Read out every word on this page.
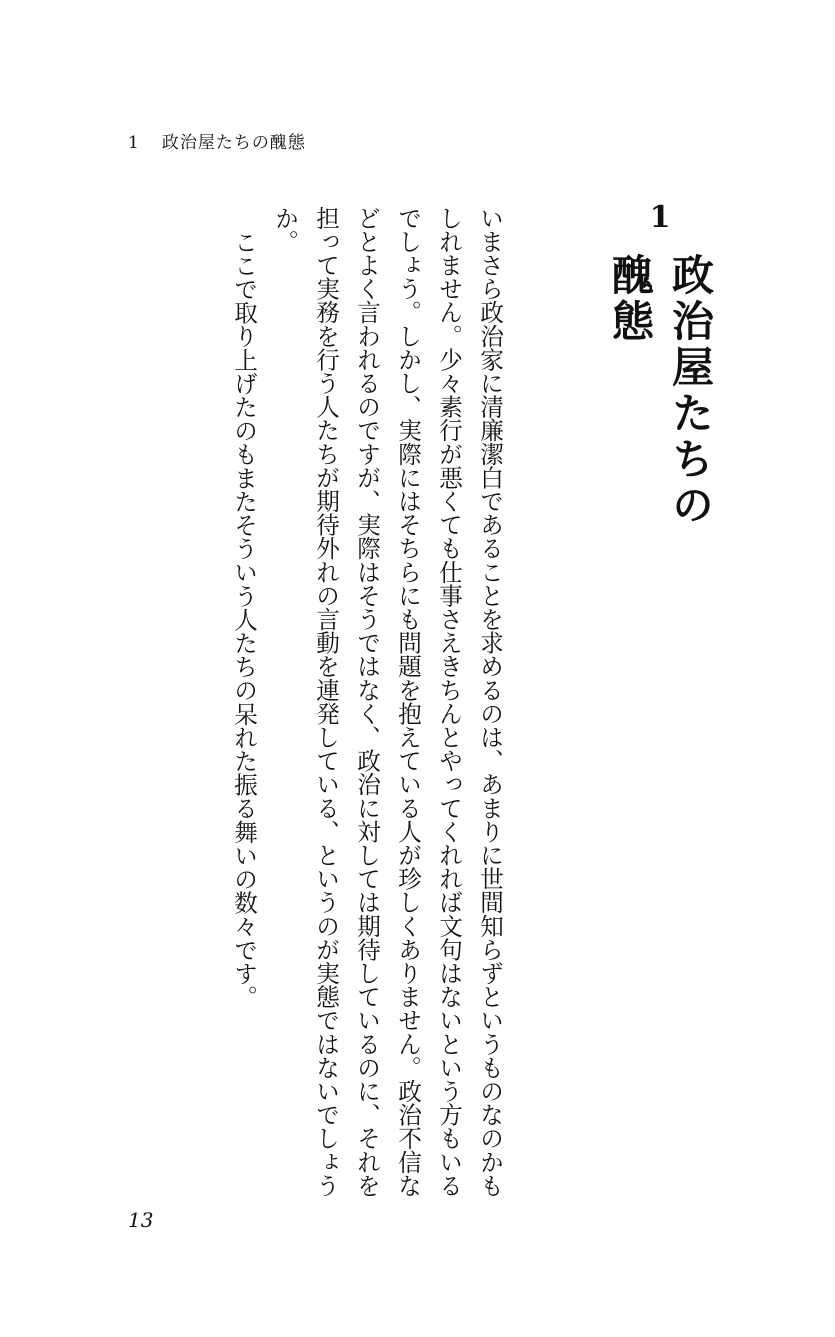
1 政治屋たちの醜態
1
政治屋たちの醜態

いまさら政治家に清廉潔白であることを求めるのは、あまりに世間知らずというものなのかもしれません。少々素行が悪くても仕事さえきちんとやってくれれば文句はないという方もいるでしょう。しかし、実際にはそちらにも問題を抱えている人が珍しくありません。政治不信などとよく言われるのですが、実際はそうではなく、政治に対しては期待しているのに、それを担って実務を行う人たちが期待外れの言動を連発している、というのが実態ではないでしょうか。

ここで取り上げたのもまたそういう人たちの呆れた振る舞いの数々です。

13
